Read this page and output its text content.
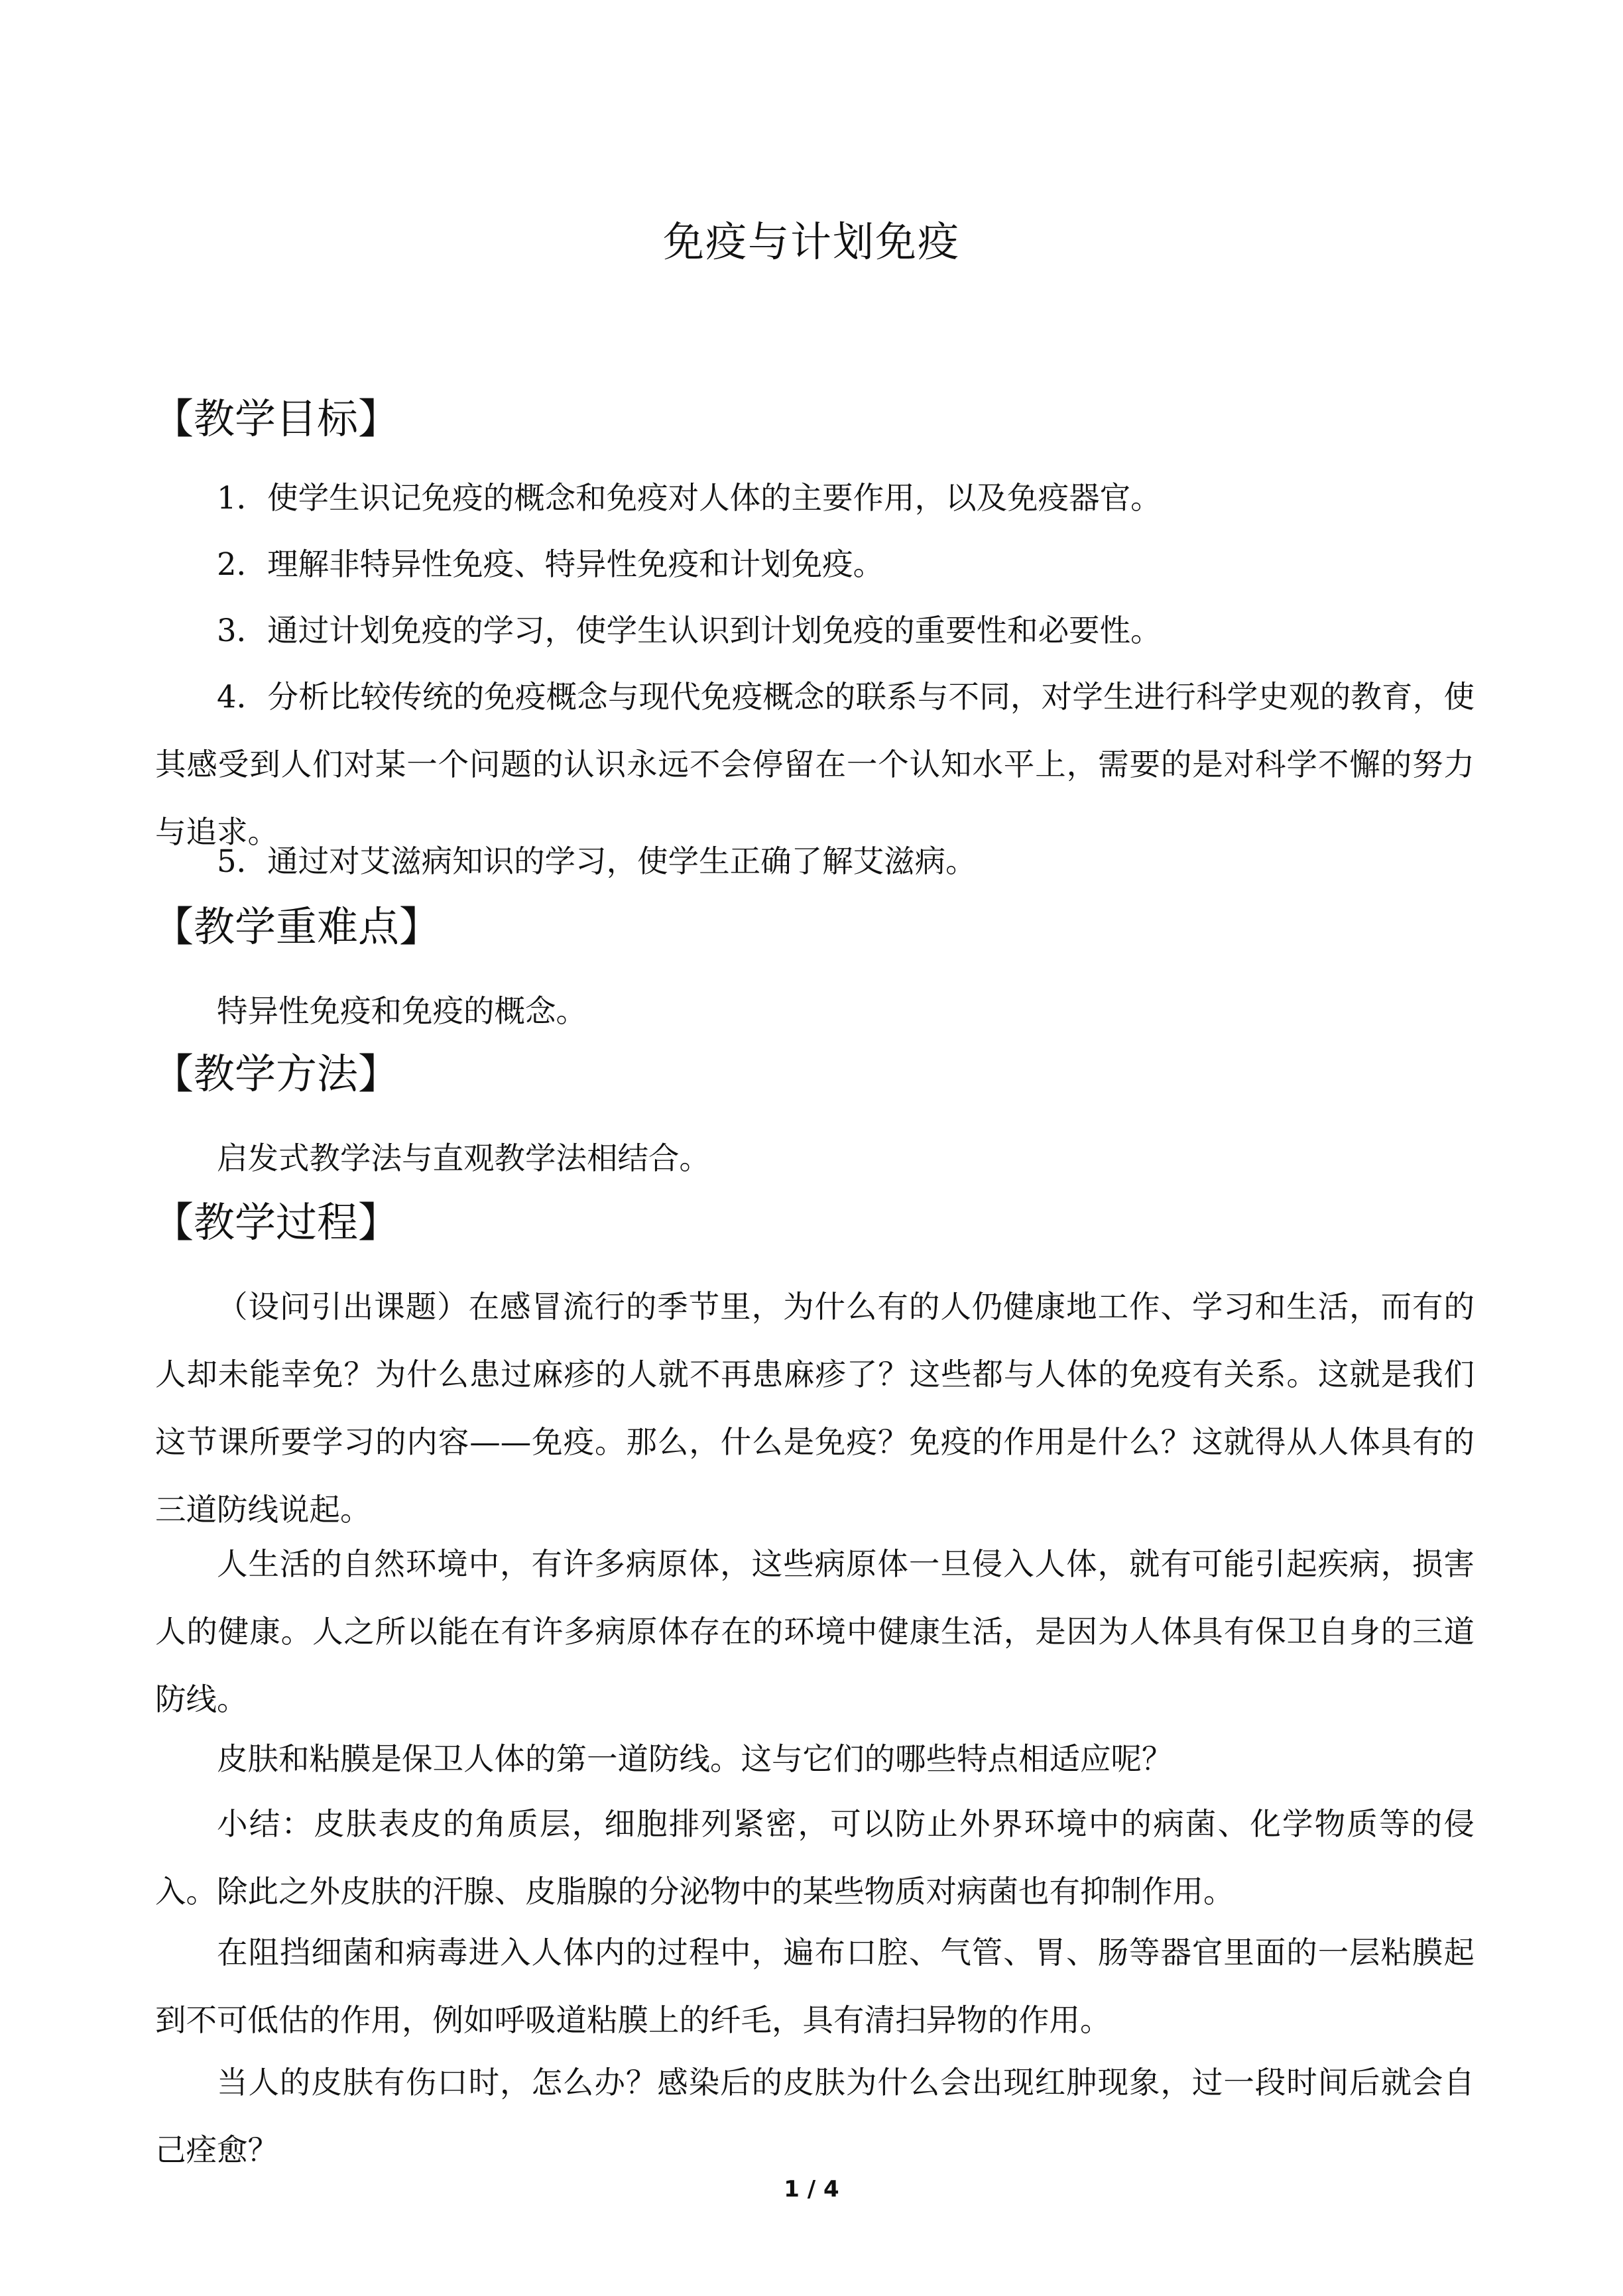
免疫与计划免疫
【教学目标】

1．使学生识记免疫的概念和免疫对人体的主要作用，以及免疫器官。

2．理解非特异性免疫、特异性免疫和计划免疫。

3．通过计划免疫的学习，使学生认识到计划免疫的重要性和必要性。

4．分析比较传统的免疫概念与现代免疫概念的联系与不同，对学生进行科学史观的教育，使其感受到人们对某一个问题的认识永远不会停留在一个认知水平上，需要的是对科学不懈的努力与追求。

5．通过对艾滋病知识的学习，使学生正确了解艾滋病。

【教学重难点】

特异性免疫和免疫的概念。

【教学方法】

启发式教学法与直观教学法相结合。

【教学过程】

（设问引出课题）在感冒流行的季节里，为什么有的人仍健康地工作、学习和生活，而有的人却未能幸免？为什么患过麻疹的人就不再患麻疹了？这些都与人体的免疫有关系。这就是我们这节课所要学习的内容——免疫。那么，什么是免疫？免疫的作用是什么？这就得从人体具有的三道防线说起。

人生活的自然环境中，有许多病原体，这些病原体一旦侵入人体，就有可能引起疾病，损害人的健康。人之所以能在有许多病原体存在的环境中健康生活，是因为人体具有保卫自身的三道防线。

皮肤和粘膜是保卫人体的第一道防线。这与它们的哪些特点相适应呢？

小结：皮肤表皮的角质层，细胞排列紧密，可以防止外界环境中的病菌、化学物质等的侵入。除此之外皮肤的汗腺、皮脂腺的分泌物中的某些物质对病菌也有抑制作用。

在阻挡细菌和病毒进入人体内的过程中，遍布口腔、气管、胃、肠等器官里面的一层粘膜起到不可低估的作用，例如呼吸道粘膜上的纤毛，具有清扫异物的作用。

当人的皮肤有伤口时，怎么办？感染后的皮肤为什么会出现红肿现象，过一段时间后就会自己痊愈？

1 / 4
